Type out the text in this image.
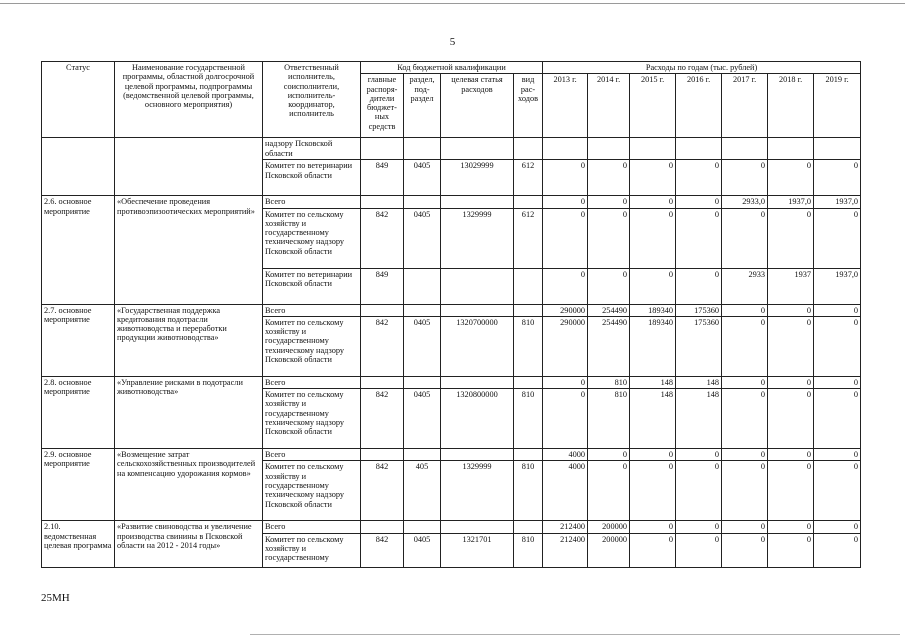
5
Статус	Наименование государственной программы, областной долгосрочной целевой программы, подпрограммы (ведомственной целевой программы, основного мероприятия)	Ответственный исполнитель, соисполнители, исполнитель-координатор, исполнитель	Код бюджетной квалификации				Расходы по годам (тыс. рублей)						
			главные распоря-дители бюджет-ных средств	раздел, под-раздел	целевая статья расходов	вид рас-ходов	2013 г.	2014 г.	2015 г.	2016 г.	2017 г.	2018 г.	2019 г.
		надзору Псковской области											
		Комитет по ветеринарии Псковской области	849	0405	13029999	612	0	0	0	0	0	0	0
2.6. основное мероприятие	«Обеспечение проведения противоэпизоотических мероприятий»	Всего					0	0	0	0	2933,0	1937,0	1937,0
		Комитет по сельскому хозяйству и государственному техническому надзору Псковской области	842	0405	1329999	612	0	0	0	0	0	0	0
		Комитет по ветеринарии Псковской области	849				0	0	0	0	2933	1937	1937,0
2.7. основное мероприятие	«Государственная поддержка кредитования подотрасли животноводства и переработки продукции животноводства»	Всего					290000	254490	189340	175360	0	0	0
		Комитет по сельскому хозяйству и государственному техническому надзору Псковской области	842	0405	1320700000	810	290000	254490	189340	175360	0	0	0
2.8. основное мероприятие	«Управление рисками в подотрасли животноводства»	Всего					0	810	148	148	0	0	0
		Комитет по сельскому хозяйству и государственному техническому надзору Псковской области	842	0405	1320800000	810	0	810	148	148	0	0	0
2.9. основное мероприятие	«Возмещение затрат сельскохозяйственных производителей на компенсацию удорожания кормов»	Всего					4000	0	0	0	0	0	0
		Комитет по сельскому хозяйству и государственному техническому надзору Псковской области	842	405	1329999	810	4000	0	0	0	0	0	0
2.10. ведомственная целевая программа	«Развитие свиноводства и увеличение производства свинины в Псковской области на 2012 - 2014 годы»	Всего					212400	200000	0	0	0	0	0
		Комитет по сельскому хозяйству и государственному	842	0405	1321701	810	212400	200000	0	0	0	0	0
25МН
